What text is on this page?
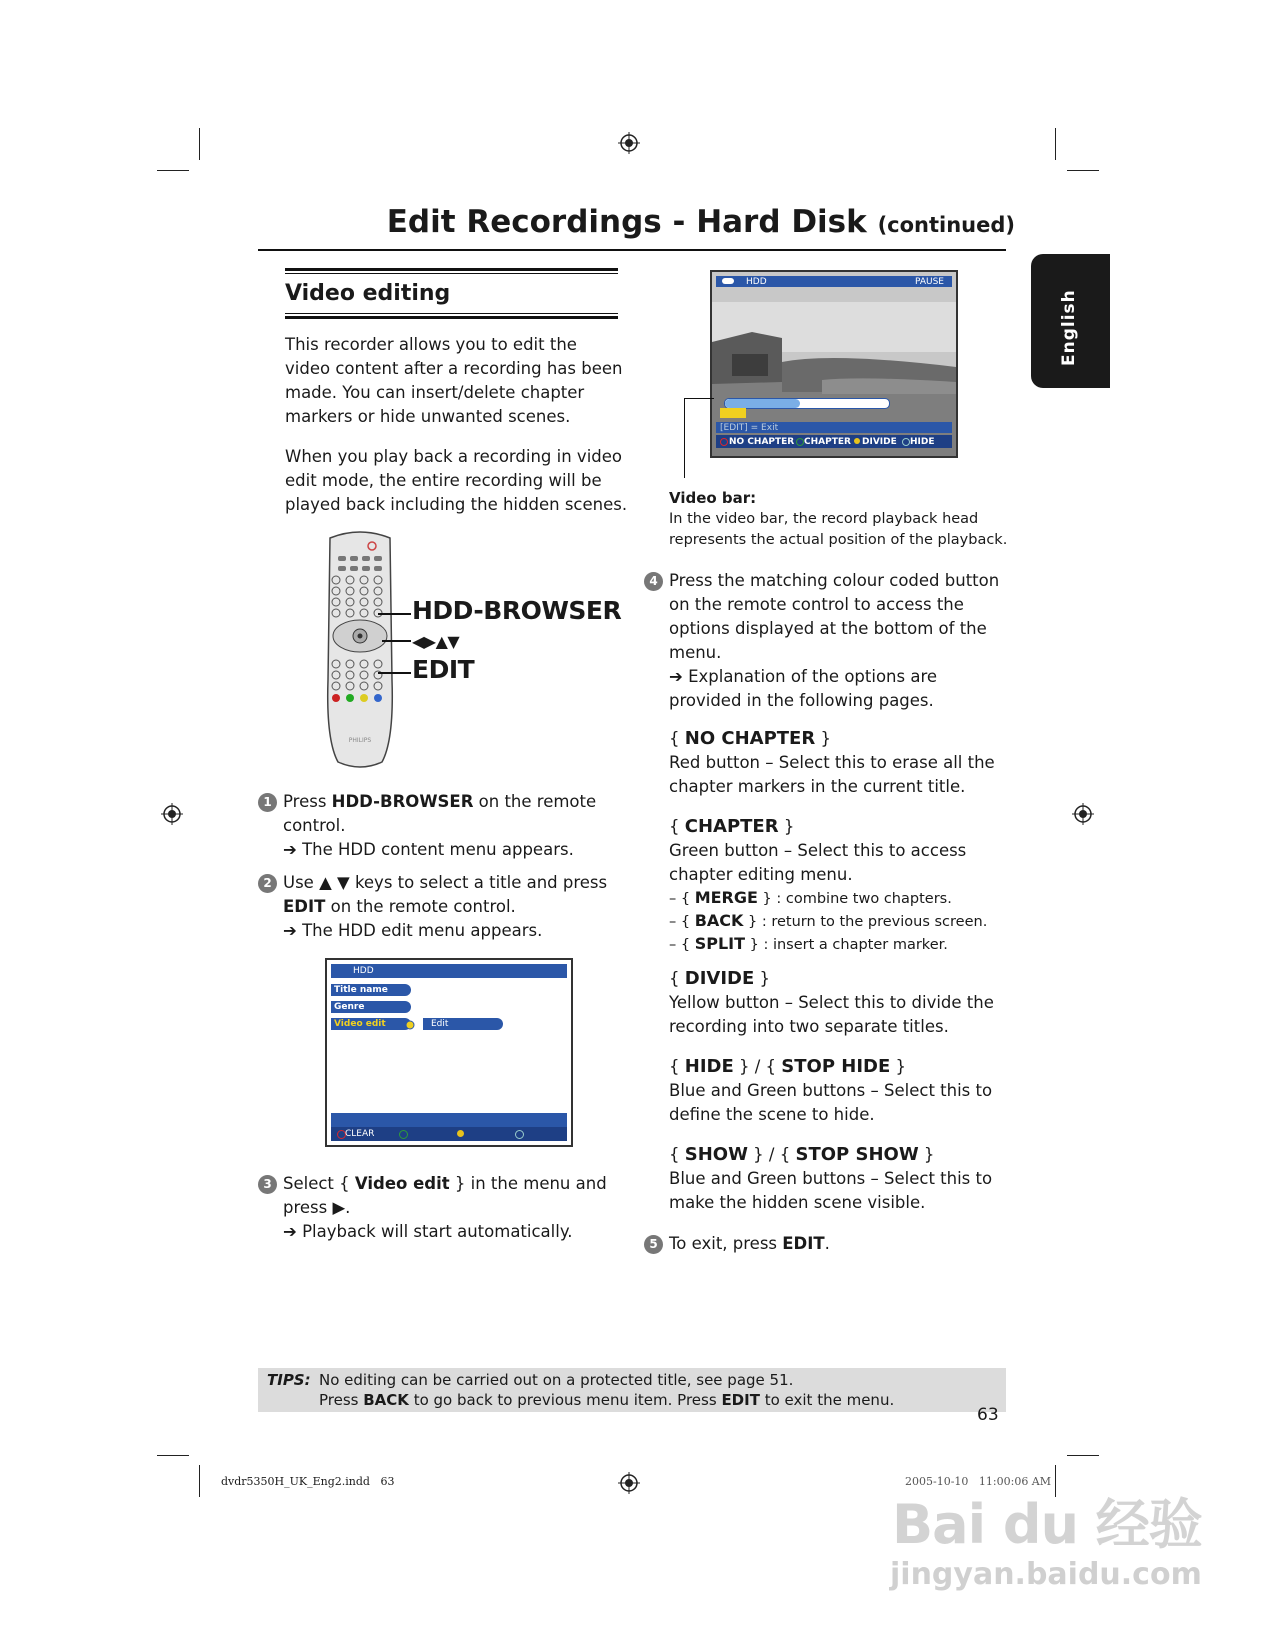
Edit Recordings - Hard Disk (continued)
English
Video editing
This recorder allows you to edit the
video content after a recording has been
made. You can insert/delete chapter
markers or hide unwanted scenes.
When you play back a recording in video
edit mode, the entire recording will be
played back including the hidden scenes.
PHILIPS
HDD-BROWSER
◀▶▲▼
EDIT
1 Press HDD-BROWSER on the remote
control.
➔ The HDD content menu appears.
2 Use ▲ ▼ keys to select a title and press
EDIT on the remote control.
➔ The HDD edit menu appears.
HDD
Title name
Genre
Video edit	Edit
CLEAR
3 Select { Video edit } in the menu and
press ▶.
➔ Playback will start automatically.
HDD	PAUSE
[EDIT] = Exit
NO CHAPTER CHAPTER DIVIDE HIDE
Video bar:
In the video bar, the record playback head
represents the actual position of the playback.
4 Press the matching colour coded button
on the remote control to access the
options displayed at the bottom of the
menu.
➔ Explanation of the options are
provided in the following pages.
{ NO CHAPTER }
Red button – Select this to erase all the
chapter markers in the current title.
{ CHAPTER }
Green button – Select this to access
chapter editing menu.
– { MERGE } : combine two chapters.
– { BACK } : return to the previous screen.
– { SPLIT } : insert a chapter marker.
{ DIVIDE }
Yellow button – Select this to divide the
recording into two separate titles.
{ HIDE } / { STOP HIDE }
Blue and Green buttons – Select this to
define the scene to hide.
{ SHOW } / { STOP SHOW }
Blue and Green buttons – Select this to
make the hidden scene visible.
5 To exit, press EDIT.
TIPS: No editing can be carried out on a protected title, see page 51.
Press BACK to go back to previous menu item. Press EDIT to exit the menu.
63
dvdr5350H_UK_Eng2.indd   63	2005-10-10   11:00:06 AM
Bai du 经验
jingyan.baidu.com
